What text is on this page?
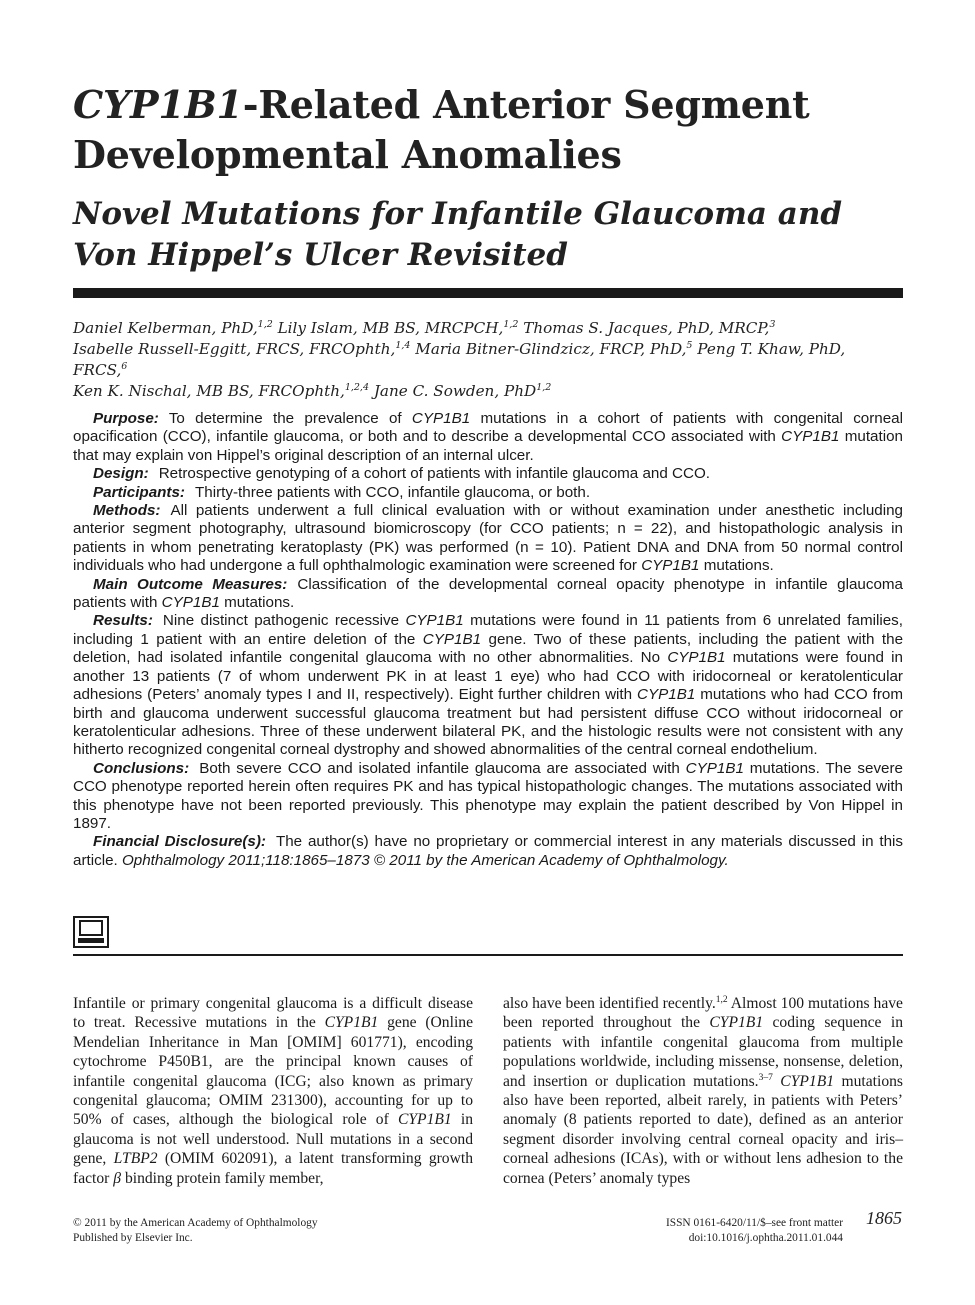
CYP1B1-Related Anterior Segment Developmental Anomalies
Novel Mutations for Infantile Glaucoma and Von Hippel’s Ulcer Revisited
Daniel Kelberman, PhD,$^{1,2}$ Lily Islam, MB BS, MRCPCH,$^{1,2}$ Thomas S. Jacques, PhD, MRCP,$^3$
Isabelle Russell-Eggitt, FRCS, FRCOphth,$^{1,4}$ Maria Bitner-Glindzicz, FRCP, PhD,$^5$ Peng T. Khaw, PhD, FRCS,$^6$
Ken K. Nischal, MB BS, FRCOphth,$^{1,2,4}$ Jane C. Sowden, PhD$^{1,2}$

Purpose: To determine the prevalence of CYP1B1 mutations in a cohort of patients with congenital corneal opacification (CCO), infantile glaucoma, or both and to describe a developmental CCO associated with CYP1B1 mutation that may explain von Hippel’s original description of an internal ulcer.

Design: Retrospective genotyping of a cohort of patients with infantile glaucoma and CCO.

Participants: Thirty-three patients with CCO, infantile glaucoma, or both.

Methods: All patients underwent a full clinical evaluation with or without examination under anesthetic including anterior segment photography, ultrasound biomicroscopy (for CCO patients; n = 22), and histopathologic analysis in patients in whom penetrating keratoplasty (PK) was performed (n = 10). Patient DNA and DNA from 50 normal control individuals who had undergone a full ophthalmologic examination were screened for CYP1B1 mutations.

Main Outcome Measures: Classification of the developmental corneal opacity phenotype in infantile glaucoma patients with CYP1B1 mutations.

Results: Nine distinct pathogenic recessive CYP1B1 mutations were found in 11 patients from 6 unrelated families, including 1 patient with an entire deletion of the CYP1B1 gene. Two of these patients, including the patient with the deletion, had isolated infantile congenital glaucoma with no other abnormalities. No CYP1B1 mutations were found in another 13 patients (7 of whom underwent PK in at least 1 eye) who had CCO with iridocorneal or keratolenticular adhesions (Peters’ anomaly types I and II, respectively). Eight further children with CYP1B1 mutations who had CCO from birth and glaucoma underwent successful glaucoma treatment but had persistent diffuse CCO without iridocorneal or keratolenticular adhesions. Three of these underwent bilateral PK, and the histologic results were not consistent with any hitherto recognized congenital corneal dystrophy and showed abnormalities of the central corneal endothelium.

Conclusions: Both severe CCO and isolated infantile glaucoma are associated with CYP1B1 mutations. The severe CCO phenotype reported herein often requires PK and has typical histopathologic changes. The mutations associated with this phenotype have not been reported previously. This phenotype may explain the patient described by Von Hippel in 1897.

Financial Disclosure(s): The author(s) have no proprietary or commercial interest in any materials discussed in this article. Ophthalmology 2011;118:1865–1873 © 2011 by the American Academy of Ophthalmology.

Infantile or primary congenital glaucoma is a difficult disease to treat. Recessive mutations in the CYP1B1 gene (Online Mendelian Inheritance in Man [OMIM] 601771), encoding cytochrome P450B1, are the principal known causes of infantile congenital glaucoma (ICG; also known as primary congenital glaucoma; OMIM 231300), accounting for up to 50% of cases, although the biological role of CYP1B1 in glaucoma is not well understood. Null mutations in a second gene, LTBP2 (OMIM 602091), a latent transforming growth factor β binding protein family member,

also have been identified recently.$^{1,2}$ Almost 100 mutations have been reported throughout the CYP1B1 coding sequence in patients with infantile congenital glaucoma from multiple populations worldwide, including missense, nonsense, deletion, and insertion or duplication mutations.$^{3-7}$ CYP1B1 mutations also have been reported, albeit rarely, in patients with Peters’ anomaly (8 patients reported to date), defined as an anterior segment disorder involving central corneal opacity and iris–corneal adhesions (ICAs), with or without lens adhesion to the cornea (Peters’ anomaly types

© 2011 by the American Academy of Ophthalmology
Published by Elsevier Inc.
ISSN 0161-6420/11/$–see front matter
doi:10.1016/j.ophtha.2011.01.044
1865
